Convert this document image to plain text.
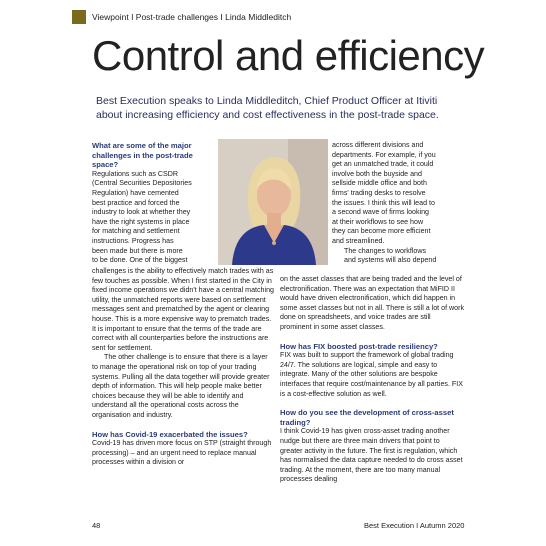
Viewpoint I Post-trade challenges I Linda Middleditch
Control and efficiency
Best Execution speaks to Linda Middleditch, Chief Product Officer at Itiviti about increasing efficiency and cost effectiveness in the post-trade space.

What are some of the major challenges in the post-trade space?

Regulations such as CSDR

(Central Securities Depositories

Regulation) have cemented

best practice and forced the

industry to look at whether they

have the right systems in place

for matching and settlement

instructions. Progress has

been made but there is more

to be done. One of the biggest

challenges is the ability to effectively match trades with as few touches as possible. When I first started in the City in fixed income operations we didn't have a central matching utility, the unmatched reports were based on settlement messages sent and prematched by the agent or clearing house. This is a more expensive way to prematch trades. It is important to ensure that the terms of the trade are correct with all counterparties before the instructions are sent for settlement.

The other challenge is to ensure that there is a layer to manage the operational risk on top of your trading systems. Pulling all the data together will provide greater depth of information. This will help people make better choices because they will be able to identify and understand all the operational costs across the organisation and industry.

How has Covid-19 exacerbated the issues?

Covid-19 has driven more focus on STP (straight through processing) – and an urgent need to replace manual processes within a division or

across different divisions and

departments. For example, if you

get an unmatched trade, it could

involve both the buyside and

sellside middle office and both

firms' trading desks to resolve

the issues. I think this will lead to

a second wave of firms looking

at their workflows to see how

they can become more efficient

and streamlined.

The changes to workflows

and systems will also depend

on the asset classes that are being traded and the level of electronification. There was an expectation that MiFID II would have driven electronification, which did happen in some asset classes but not in all. There is still a lot of work done on spreadsheets, and voice trades are still prominent in some asset classes.

How has FIX boosted post-trade resiliency?

FIX was built to support the framework of global trading 24/7. The solutions are logical, simple and easy to integrate. Many of the other solutions are bespoke interfaces that require cost/maintenance by all parties. FIX is a cost-effective solution as well.

How do you see the development of cross-asset trading?

I think Covid-19 has given cross-asset trading another nudge but there are three main drivers that point to greater activity in the future. The first is regulation, which has normalised the data capture needed to do cross asset trading. At the moment, there are too many manual processes dealing

48	Best Execution I Autumn 2020
